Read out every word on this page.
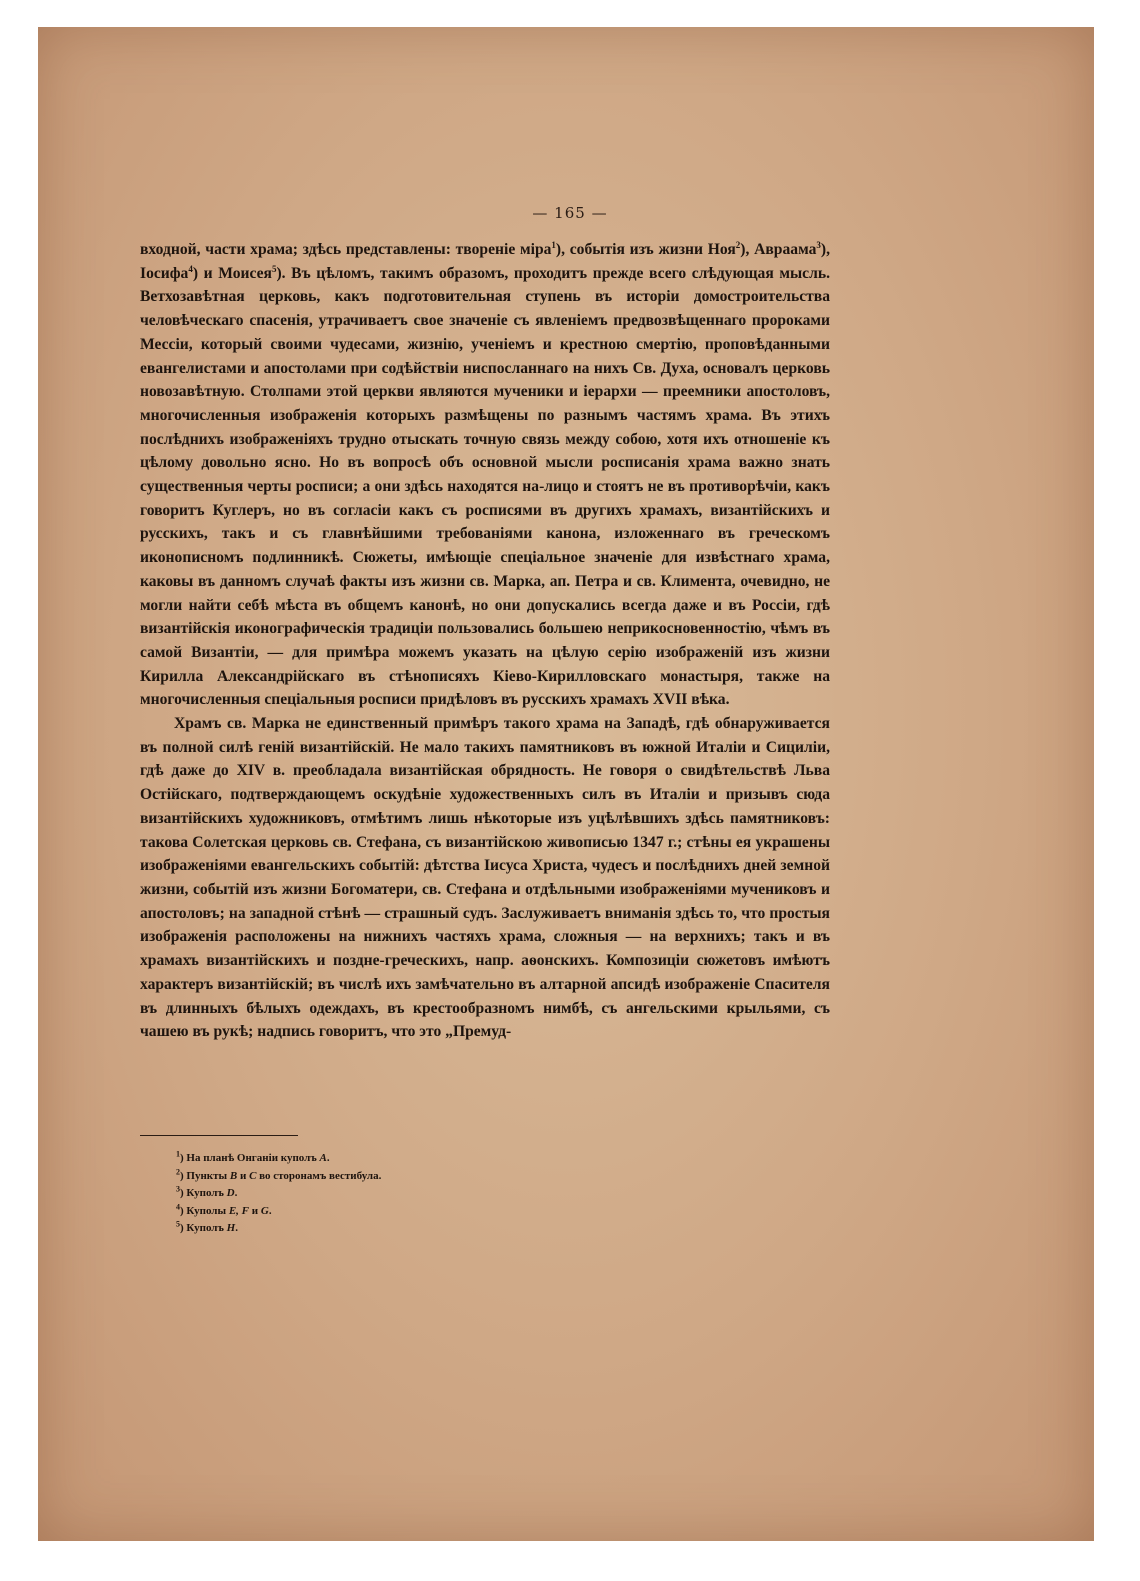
— 165 —

входной, части храма; здѣсь представлены: твореніе міра$^1$), событія изъ жизни Ноя$^2$), Авраама$^3$), Іосифа$^4$) и Моисея$^5$). Въ цѣломъ, такимъ образомъ, проходитъ прежде всего слѣдующая мысль. Ветхозавѣтная церковь, какъ подготовительная ступень въ исторіи домостроительства человѣческаго спасенія, утрачиваетъ свое значеніе съ явленіемъ предвозвѣщеннаго пророками Мессіи, который своими чудесами, жизнію, ученіемъ и крестною смертію, проповѣданными евангелистами и апостолами при содѣйствіи ниспосланнаго на нихъ Св. Духа, основалъ церковь новозавѣтную. Столпами этой церкви являются мученики и іерархи — преемники апостоловъ, многочисленныя изображенія которыхъ размѣщены по разнымъ частямъ храма. Въ этихъ послѣднихъ изображеніяхъ трудно отыскать точную связь между собою, хотя ихъ отношеніе къ цѣлому довольно ясно. Но въ вопросѣ объ основной мысли росписанія храма важно знать существенныя черты росписи; а они здѣсь находятся на-лицо и стоятъ не въ противорѣчіи, какъ говоритъ Куглеръ, но въ согласіи какъ съ росписями въ другихъ храмахъ, византійскихъ и русскихъ, такъ и съ главнѣйшими требованіями канона, изложеннаго въ греческомъ иконописномъ подлинникѣ. Сюжеты, имѣющіе спеціальное значеніе для извѣстнаго храма, каковы въ данномъ случаѣ факты изъ жизни св. Марка, ап. Петра и св. Климента, очевидно, не могли найти себѣ мѣста въ общемъ канонѣ, но они допускались всегда даже и въ Россіи, гдѣ византійскія иконографическія традиціи пользовались большею неприкосновенностію, чѣмъ въ самой Византіи, — для примѣра можемъ указать на цѣлую серію изображеній изъ жизни Кирилла Александрійскаго въ стѣнописяхъ Кіево-Кирилловскаго монастыря, также на многочисленныя спеціальныя росписи придѣловъ въ русскихъ храмахъ XVII вѣка.

Храмъ св. Марка не единственный примѣръ такого храма на Западѣ, гдѣ обнаруживается въ полной силѣ геній византійскій. Не мало такихъ памятниковъ въ южной Италіи и Сициліи, гдѣ даже до XIV в. преобладала византійская обрядность. Не говоря о свидѣтельствѣ Льва Остійскаго, подтверждающемъ оскудѣніе художественныхъ силъ въ Италіи и призывъ сюда византійскихъ художниковъ, отмѣтимъ лишь нѣкоторые изъ уцѣлѣвшихъ здѣсь памятниковъ: такова Солетская церковь св. Стефана, съ византійскою живописью 1347 г.; стѣны ея украшены изображеніями евангельскихъ событій: дѣтства Іисуса Христа, чудесъ и послѣднихъ дней земной жизни, событій изъ жизни Богоматери, св. Стефана и отдѣльными изображеніями мучениковъ и апостоловъ; на западной стѣнѣ — страшный судъ. Заслуживаетъ вниманія здѣсь то, что простыя изображенія расположены на нижнихъ частяхъ храма, сложныя — на верхнихъ; такъ и въ храмахъ византійскихъ и поздне-греческихъ, напр. аѳонскихъ. Композиціи сюжетовъ имѣютъ характеръ византійскій; въ числѣ ихъ замѣчательно въ алтарной апсидѣ изображеніе Спасителя въ длинныхъ бѣлыхъ одеждахъ, въ крестообразномъ нимбѣ, съ ангельскими крыльями, съ чашею въ рукѣ; надпись говоритъ, что это „Премуд-

$^1$) На планѣ Онганіи куполъ A.
$^2$) Пункты B и C во сторонамъ вестибула.
$^3$) Куполъ D.
$^4$) Куполы E, F и G.
$^5$) Куполъ H.
